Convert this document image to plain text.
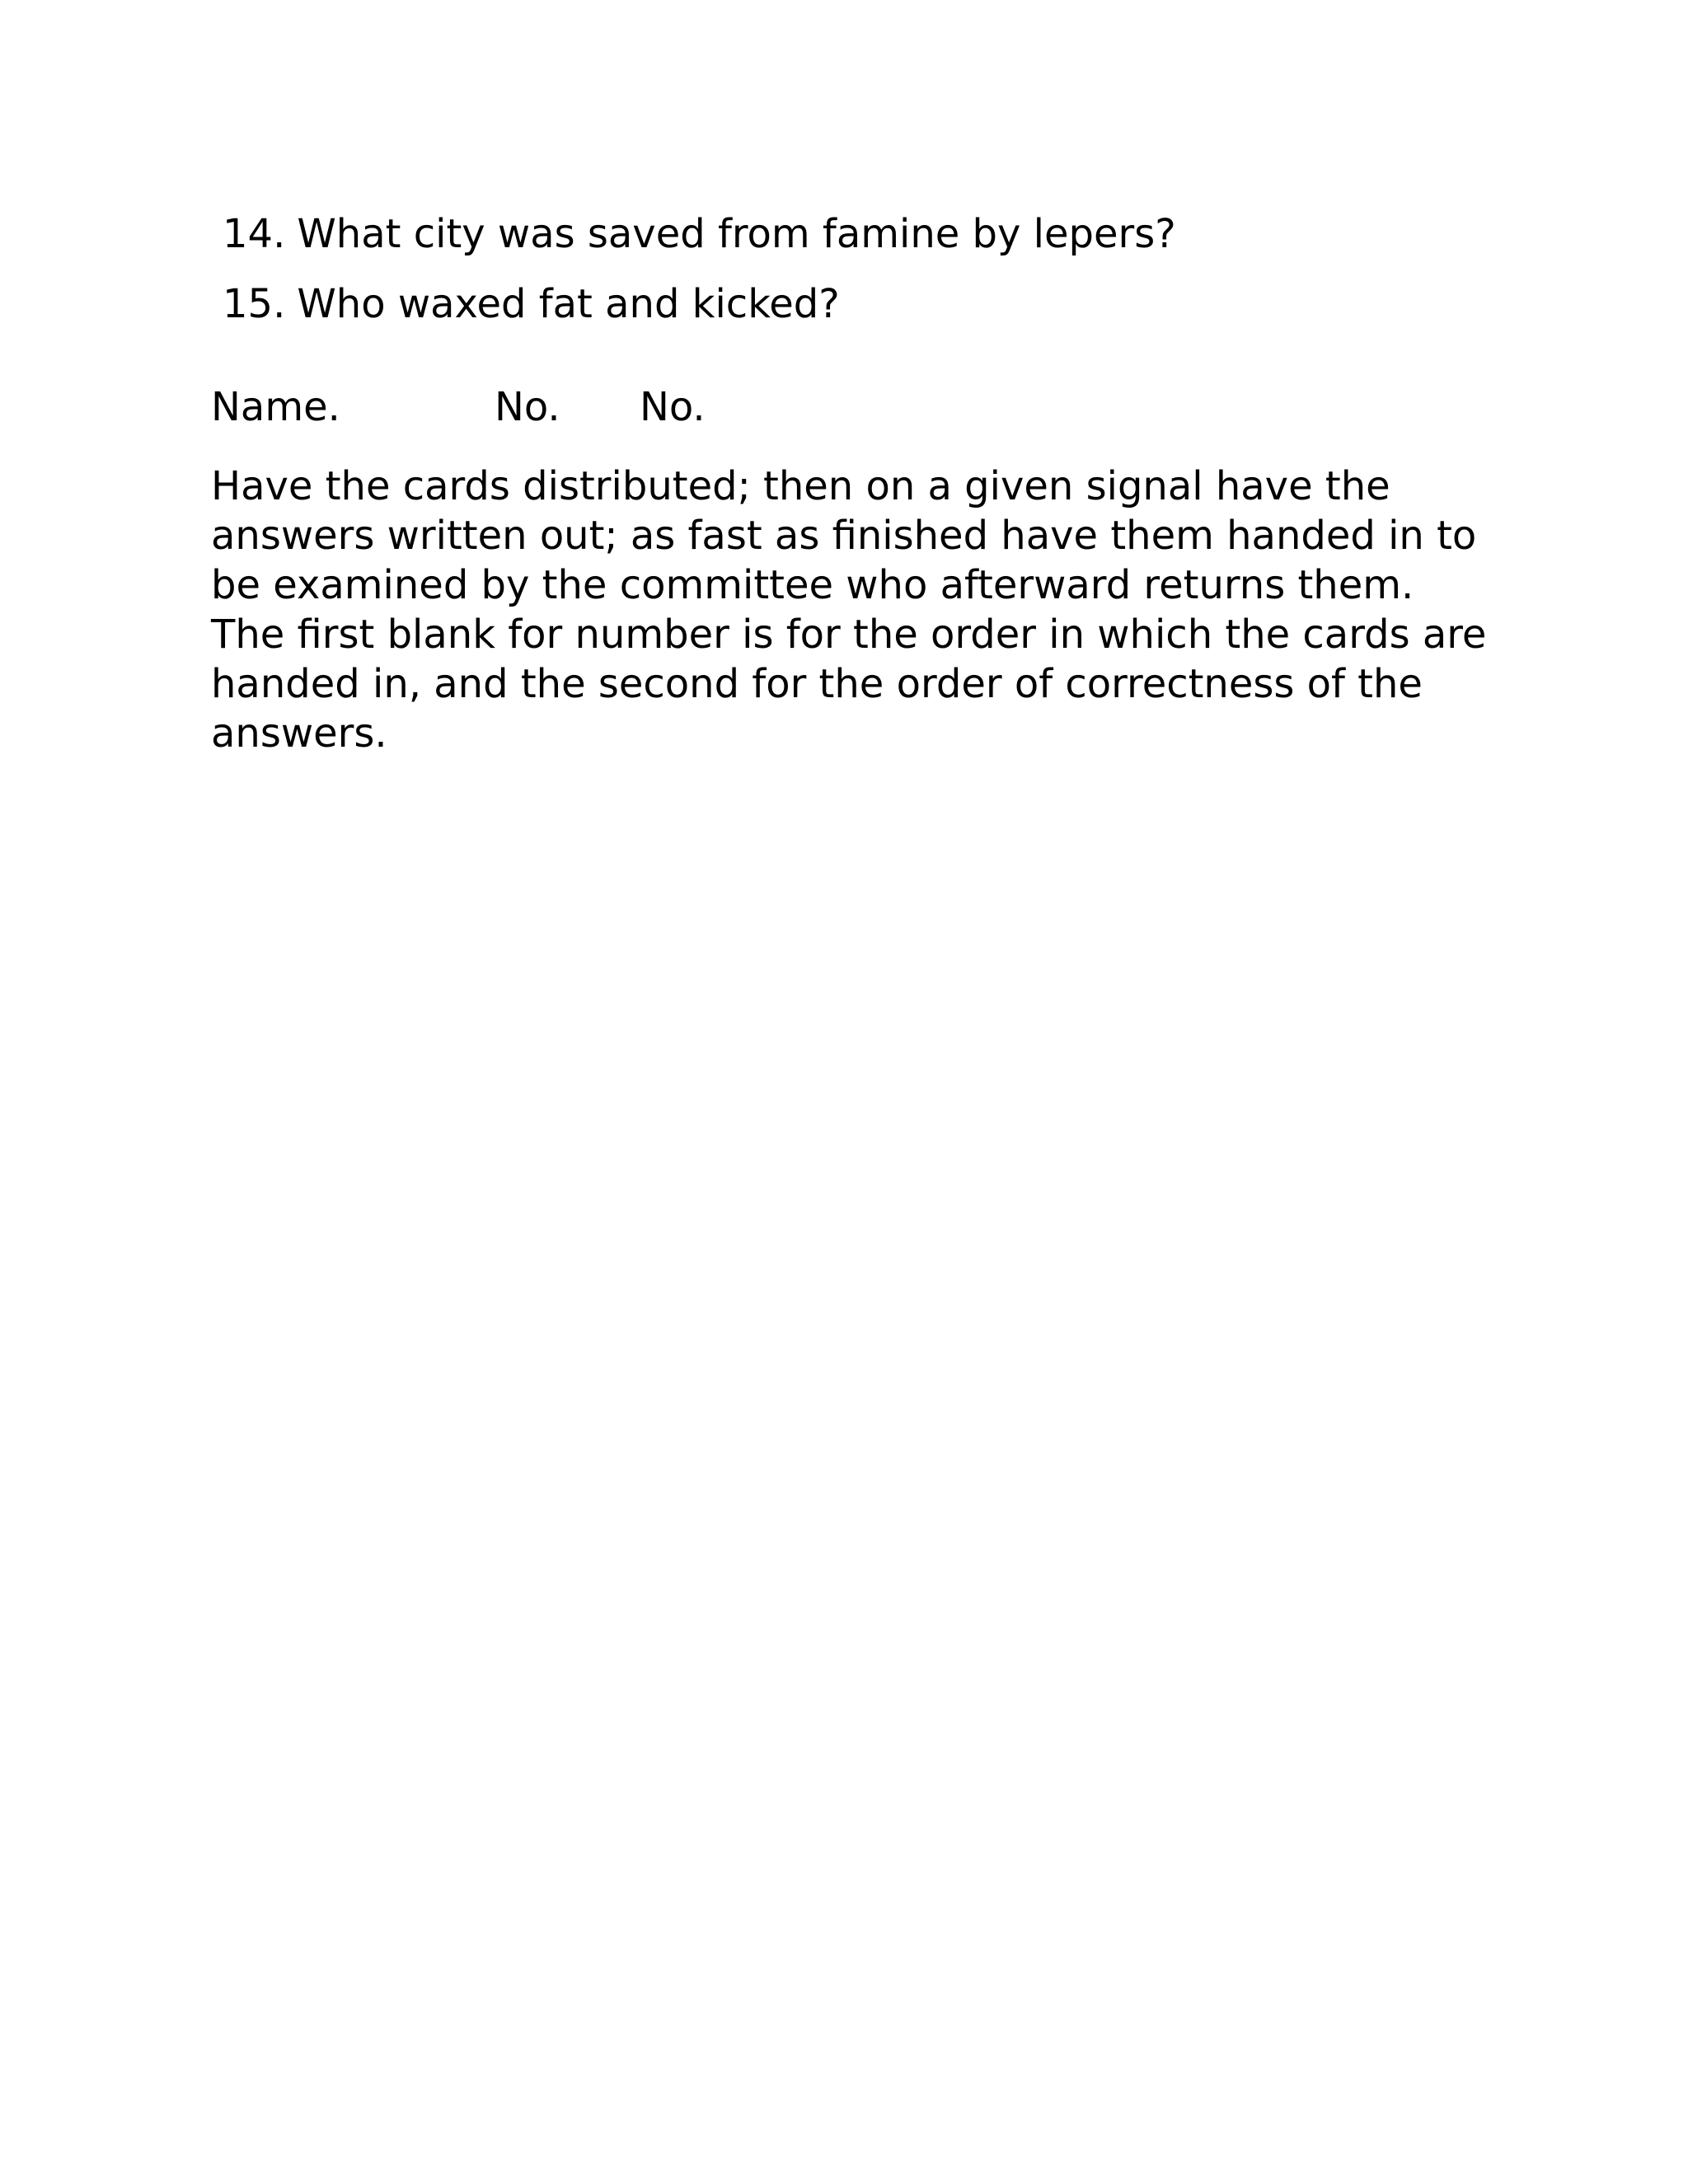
14. What city was saved from famine by lepers?
15. Who waxed fat and kicked?
Name.	No. No.

Have the cards distributed; then on a given signal have the answers written out; as fast as finished have them handed in to be examined by the committee who afterward returns them. The first blank for number is for the order in which the cards are handed in, and the second for the order of correctness of the answers.
